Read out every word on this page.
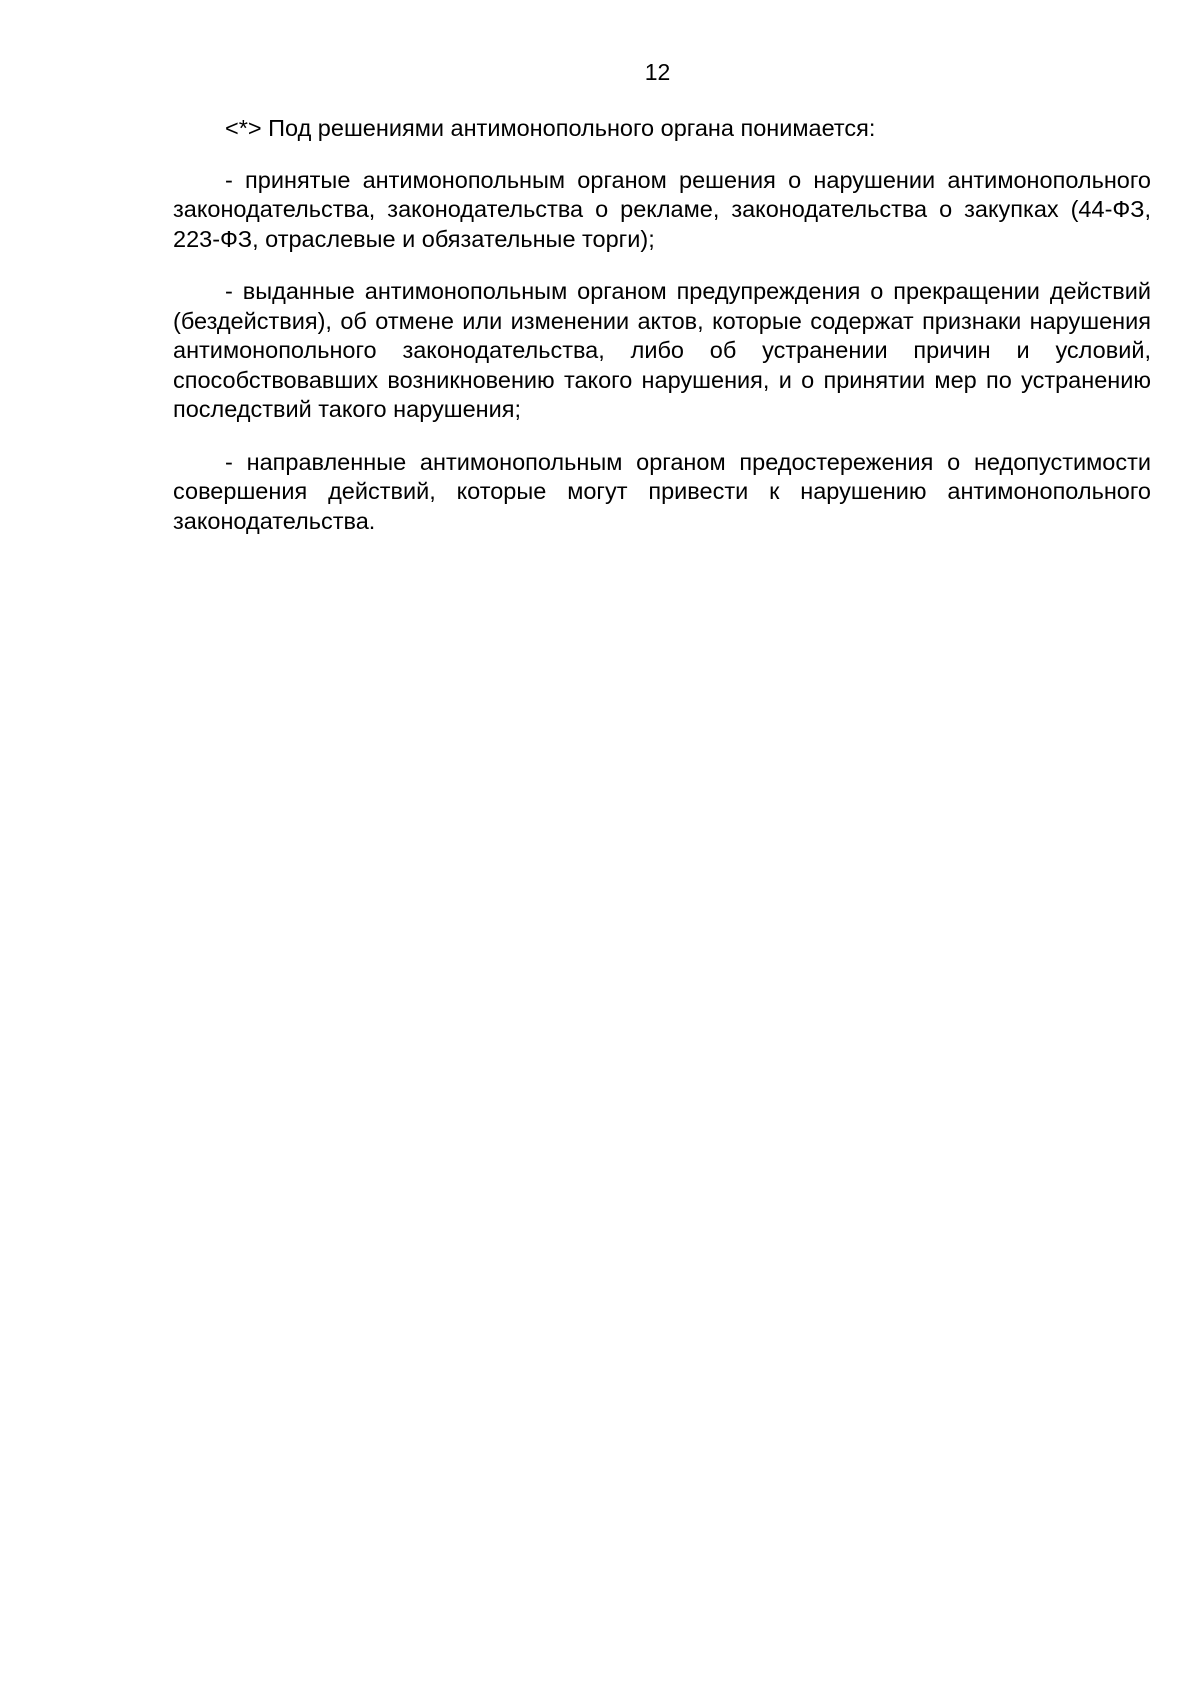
12

<*> Под решениями антимонопольного органа понимается:

- принятые антимонопольным органом решения о нарушении антимонопольного законодательства, законодательства о рекламе, законодательства о закупках (44-ФЗ, 223-ФЗ, отраслевые и обязательные торги);

- выданные антимонопольным органом предупреждения о прекращении действий (бездействия), об отмене или изменении актов, которые содержат признаки нарушения антимонопольного законодательства, либо об устранении причин и условий, способствовавших возникновению такого нарушения, и о принятии мер по устранению последствий такого нарушения;

- направленные антимонопольным органом предостережения о недопустимости совершения действий, которые могут привести к нарушению антимонопольного законодательства.
